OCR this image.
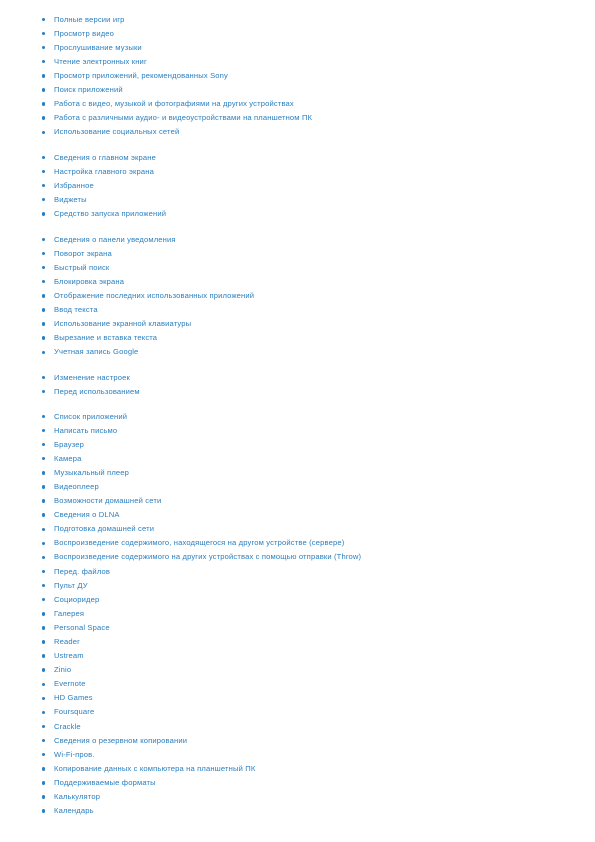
Полные версии игр
Просмотр видео
Прослушивание музыки
Чтение электронных книг
Просмотр приложений, рекомендованных Sony
Поиск приложений
Работа с видео, музыкой и фотографиями на других устройствах
Работа с различными аудио- и видеоустройствами на планшетном ПК
Использование социальных сетей
Сведения о главном экране
Настройка главного экрана
Избранное
Виджеты
Средство запуска приложений
Сведения о панели уведомления
Поворот экрана
Быстрый поиск
Блокировка экрана
Отображение последних использованных приложений
Ввод текста
Использование экранной клавиатуры
Вырезание и вставка текста
Учетная запись Google
Изменение настроек
Перед использованием
Список приложений
Написать письмо
Браузер
Камера
Музыкальный плеер
Видеоплеер
Возможности домашней сети
Сведения о DLNA
Подготовка домашней сети
Воспроизведение содержимого, находящегося на другом устройстве (сервере)
Воспроизведение содержимого на других устройствах с помощью отправки (Throw)
Перед. файлов
Пульт ДУ
Социоридер
Галерея
Personal Space
Reader
Ustream
Zinio
Evernote
HD Games
Foursquare
Crackle
Сведения о резервном копировании
Wi-Fi-пров.
Копирование данных с компьютера на планшетный ПК
Поддерживаемые форматы
Калькулятор
Календарь
